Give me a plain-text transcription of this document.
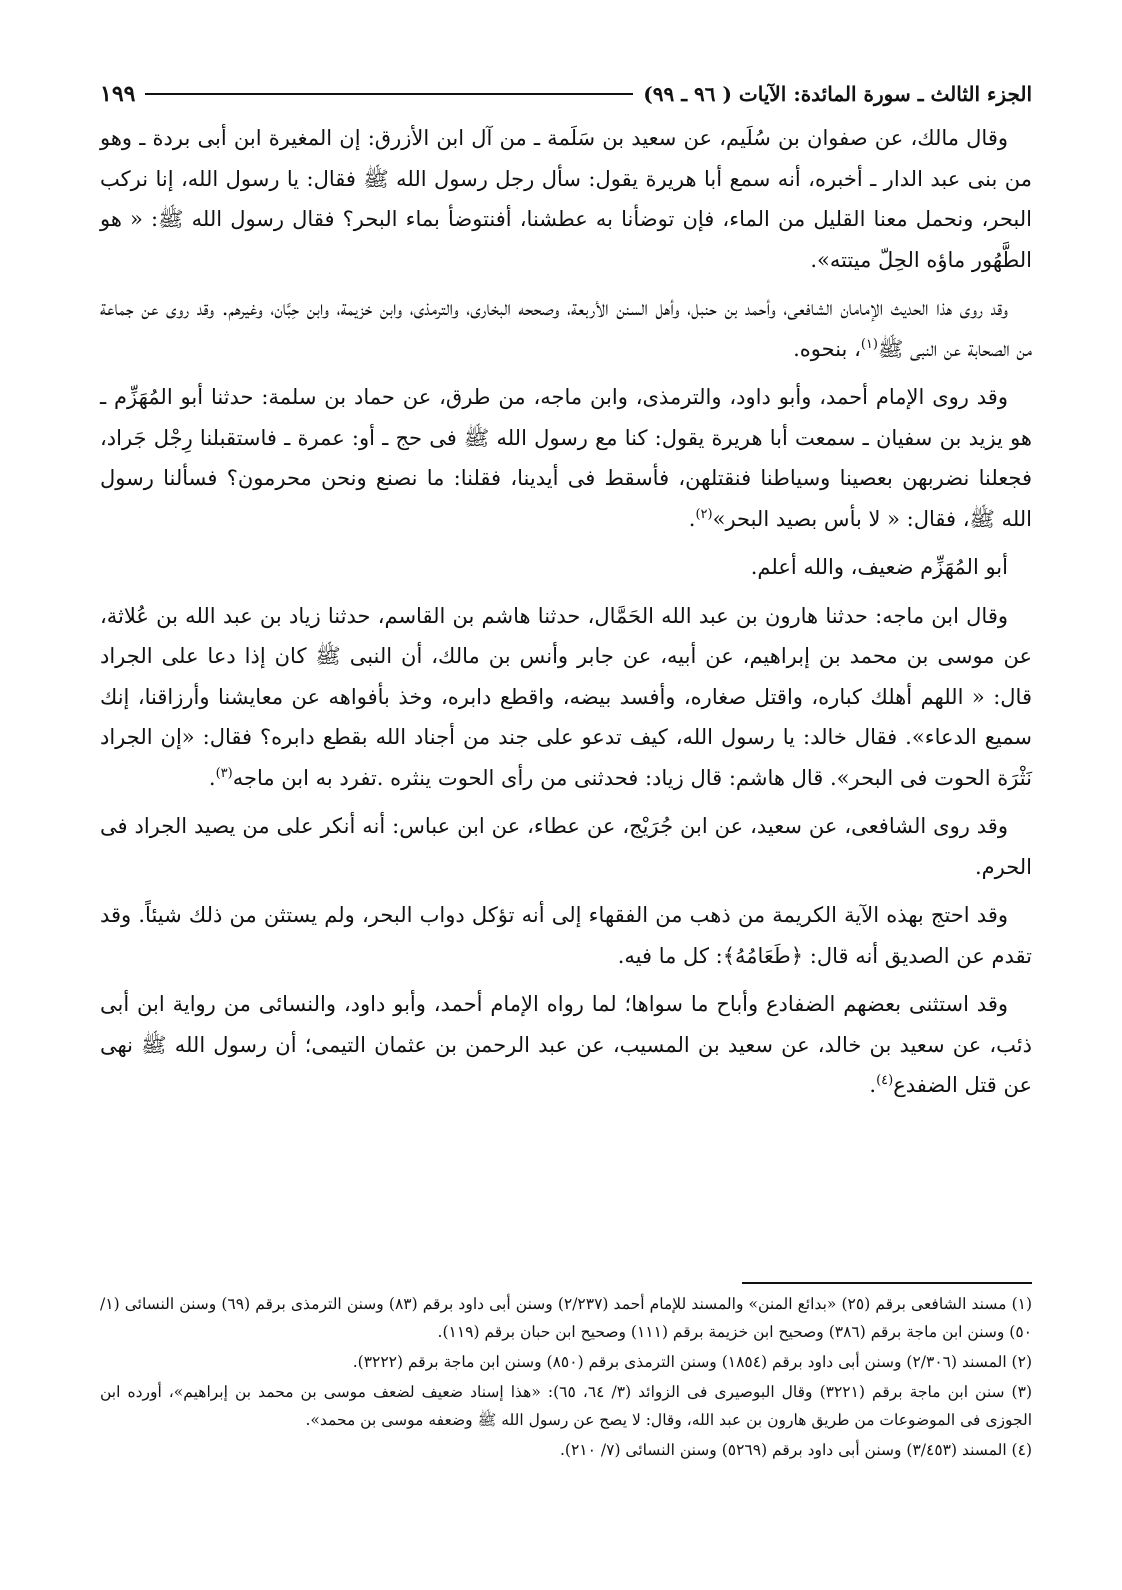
الجزء الثالث ـ سورة المائدة: الآيات ( ٩٦ ـ ٩٩)
١٩٩

وقال مالك، عن صفوان بن سُلَيم، عن سعيد بن سَلَمة ـ من آل ابن الأزرق: إن المغيرة ابن أبى بردة ـ وهو من بنى عبد الدار ـ أخبره، أنه سمع أبا هريرة يقول: سأل رجل رسول الله ﷺ فقال: يا رسول الله، إنا نركب البحر، ونحمل معنا القليل من الماء، فإن توضأنا به عطشنا، أفنتوضأ بماء البحر؟ فقال رسول الله ﷺ: « هو الطَّهُور ماؤه الحِلّ ميتته».

وقد روى هذا الحديث الإمامان الشافعى، وأحمد بن حنبل، وأهل السنن الأربعة، وصححه البخارى، والترمذى، وابن خزيمة، وابن حِبَّان، وغيرهم. وقد روى عن جماعة من الصحابة عن النبى ﷺ$^{(١)}$، بنحوه.

وقد روى الإمام أحمد، وأبو داود، والترمذى، وابن ماجه، من طرق، عن حماد بن سلمة: حدثنا أبو المُهَزِّم ـ هو يزيد بن سفيان ـ سمعت أبا هريرة يقول: كنا مع رسول الله ﷺ فى حج ـ أو: عمرة ـ فاستقبلنا رِجْل جَراد، فجعلنا نضربهن بعصينا وسياطنا فنقتلهن، فأسقط فى أيدينا، فقلنا: ما نصنع ونحن محرمون؟ فسألنا رسول الله ﷺ، فقال: « لا بأس بصيد البحر»$^{(٢)}$.

أبو المُهَزِّم ضعيف، والله أعلم.

وقال ابن ماجه: حدثنا هارون بن عبد الله الحَمَّال، حدثنا هاشم بن القاسم، حدثنا زياد بن عبد الله بن عُلاثة، عن موسى بن محمد بن إبراهيم، عن أبيه، عن جابر وأنس بن مالك، أن النبى ﷺ كان إذا دعا على الجراد قال: « اللهم أهلك كباره، واقتل صغاره، وأفسد بيضه، واقطع دابره، وخذ بأفواهه عن معايشنا وأرزاقنا، إنك سميع الدعاء». فقال خالد: يا رسول الله، كيف تدعو على جند من أجناد الله بقطع دابره؟ فقال: «إن الجراد نَثْرَة الحوت فى البحر». قال هاشم: قال زياد: فحدثنى من رأى الحوت ينثره .تفرد به ابن ماجه$^{(٣)}$.

وقد روى الشافعى، عن سعيد، عن ابن جُرَيْج، عن عطاء، عن ابن عباس: أنه أنكر على من يصيد الجراد فى الحرم.

وقد احتج بهذه الآية الكريمة من ذهب من الفقهاء إلى أنه تؤكل دواب البحر، ولم يستثن من ذلك شيئاً. وقد تقدم عن الصديق أنه قال: ﴿طَعَامُهُ﴾: كل ما فيه.

وقد استثنى بعضهم الضفادع وأباح ما سواها؛ لما رواه الإمام أحمد، وأبو داود، والنسائى من رواية ابن أبى ذئب، عن سعيد بن خالد، عن سعيد بن المسيب، عن عبد الرحمن بن عثمان التيمى؛ أن رسول الله ﷺ نهى عن قتل الضفدع$^{(٤)}$.

(١) مسند الشافعى برقم (٢٥) «بدائع المنن» والمسند للإمام أحمد (٢/٢٣٧) وسنن أبى داود برقم (٨٣) وسنن الترمذى برقم (٦٩) وسنن النسائى (١/ ٥٠) وسنن ابن ماجة برقم (٣٨٦) وصحيح ابن خزيمة برقم (١١١) وصحيح ابن حبان برقم (١١٩).

(٢) المسند (٢/٣٠٦) وسنن أبى داود برقم (١٨٥٤) وسنن الترمذى برقم (٨٥٠) وسنن ابن ماجة برقم (٣٢٢٢).

(٣) سنن ابن ماجة برقم (٣٢٢١) وقال البوصيرى فى الزوائد (٣/ ٦٤، ٦٥): «هذا إسناد ضعيف لضعف موسى بن محمد بن إبراهيم»، أورده ابن الجوزى فى الموضوعات من طريق هارون بن عبد الله، وقال: لا يصح عن رسول الله ﷺ وضعفه موسى بن محمد».

(٤) المسند (٣/٤٥٣) وسنن أبى داود برقم (٥٢٦٩) وسنن النسائى (٧/ ٢١٠).
